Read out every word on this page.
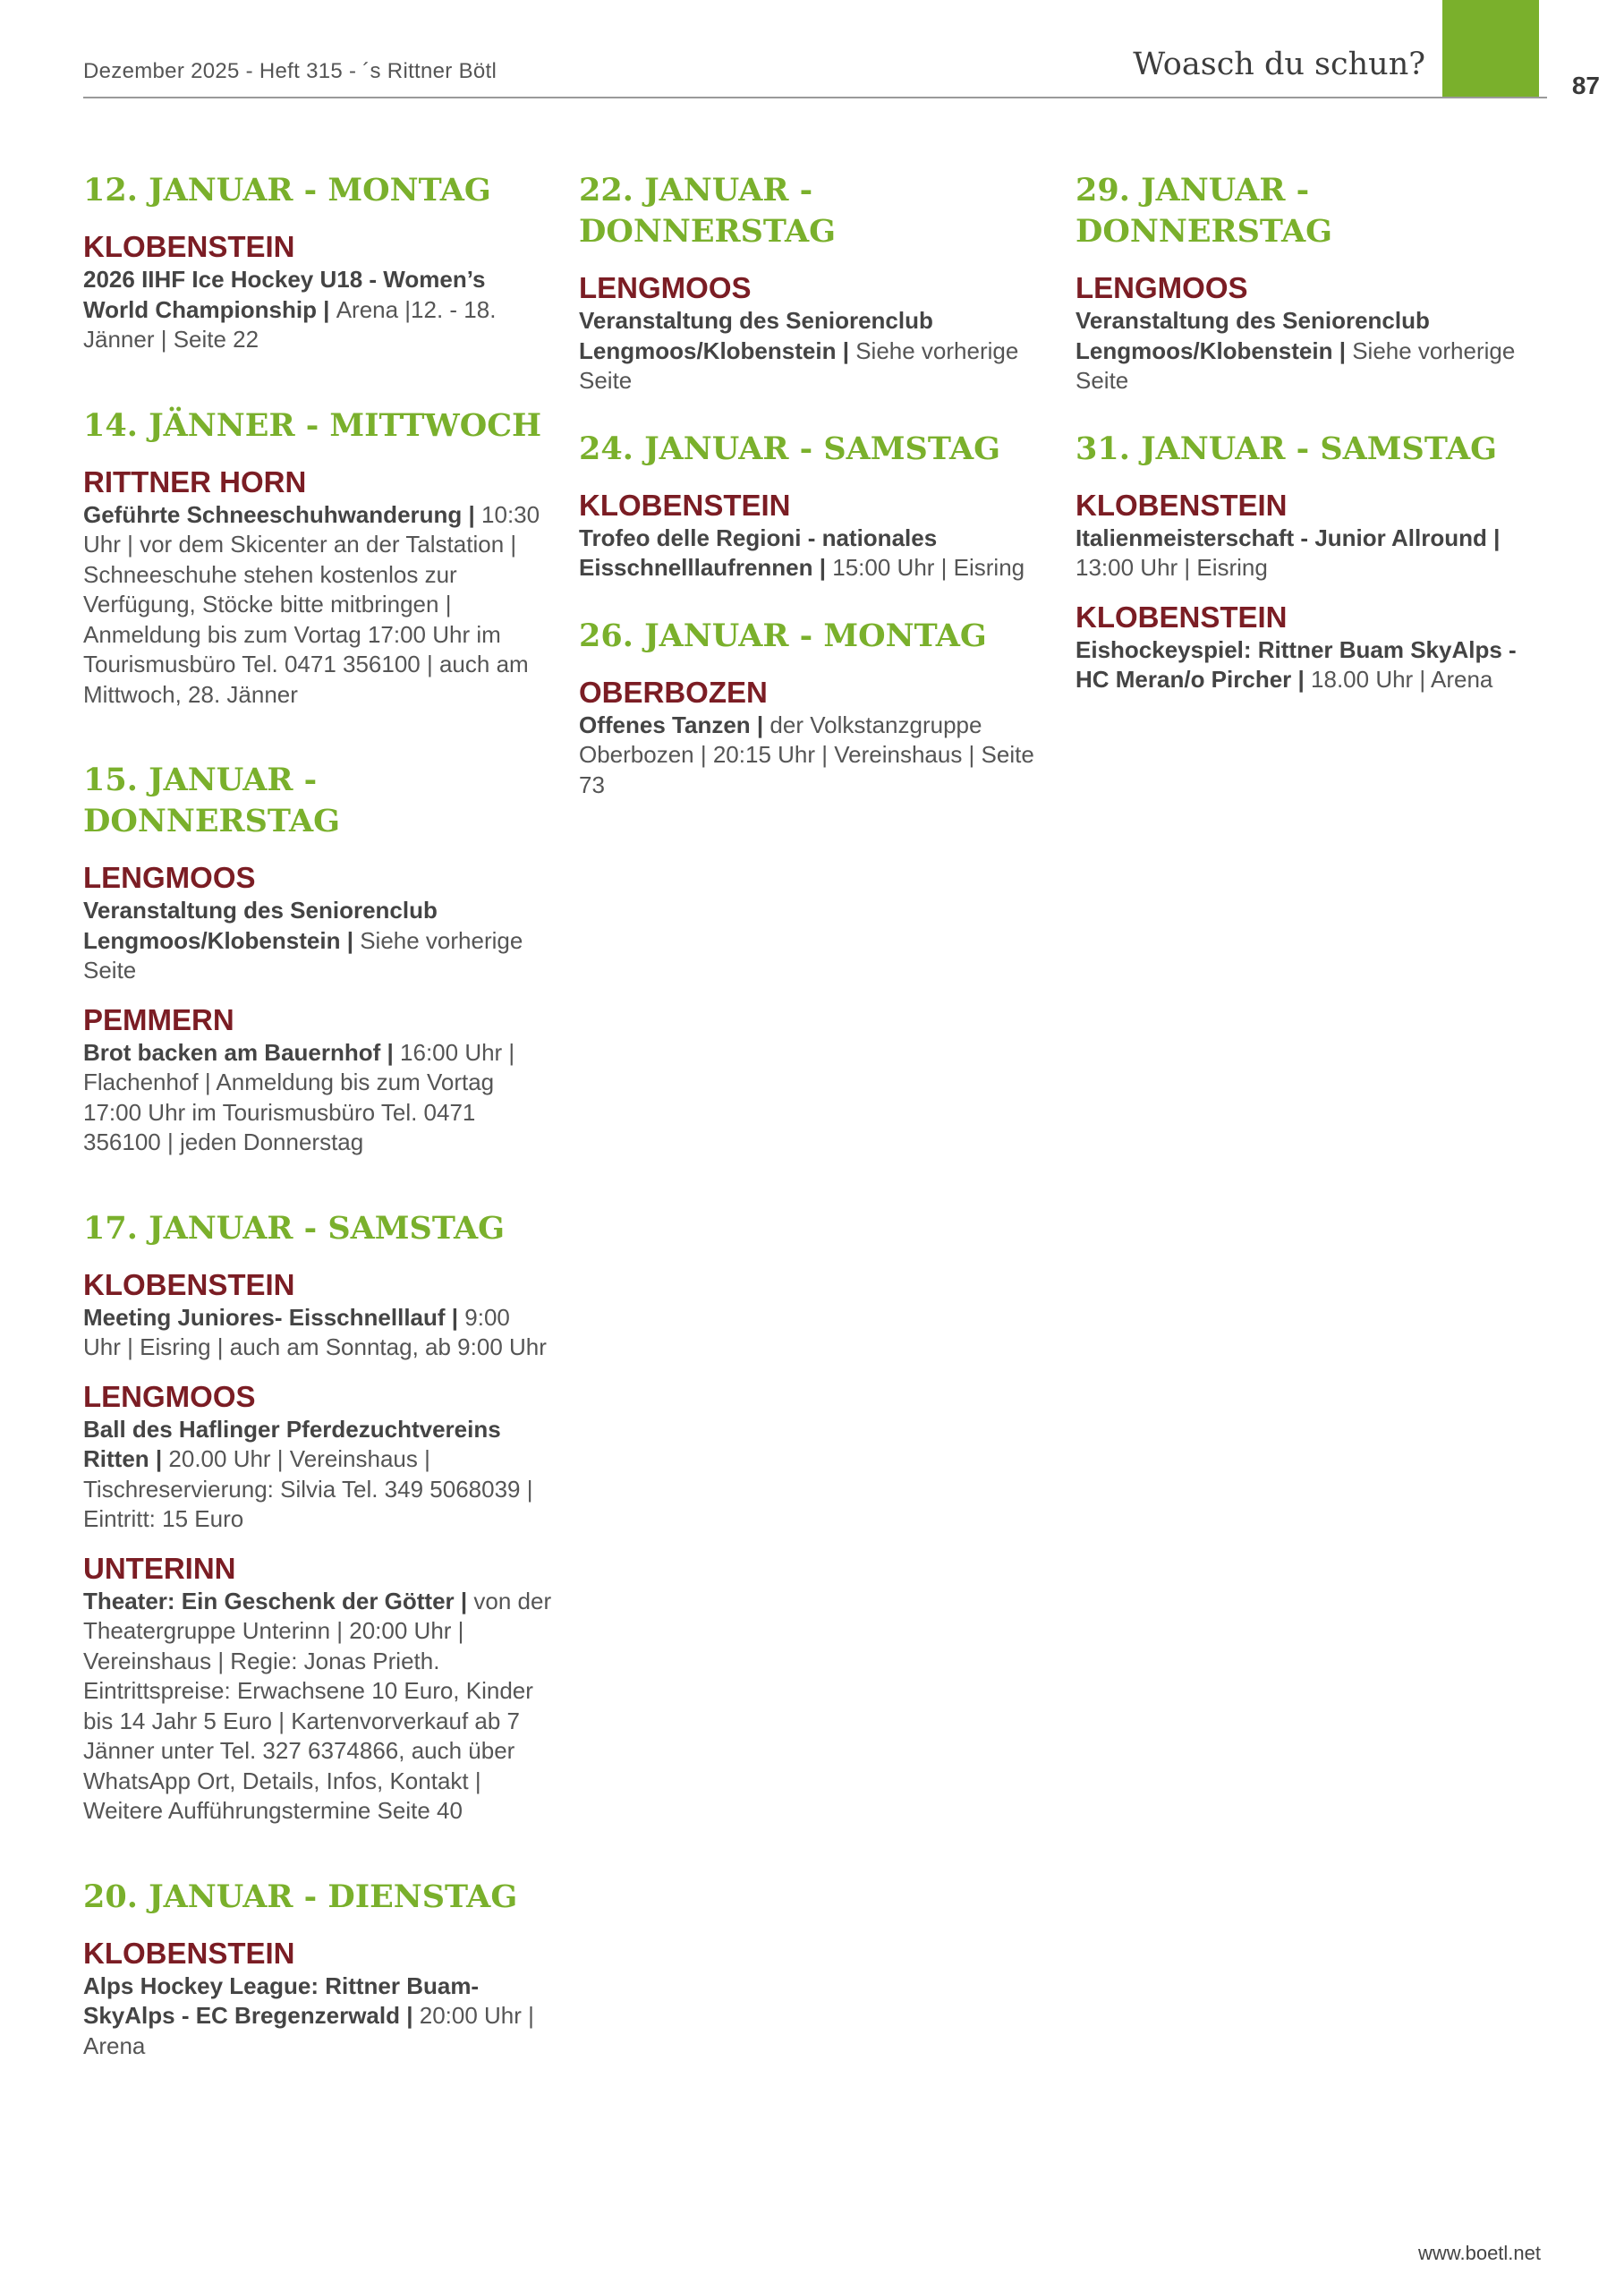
Dezember 2025 - Heft 315 - ´s Rittner Bötl	Woasch du schun?
87
12. JANUAR - MONTAG
KLOBENSTEIN
2026 IIHF Ice Hockey U18 - Women’s World Championship | Arena |12. - 18. Jänner | Seite 22
14. JÄNNER - MITTWOCH
RITTNER HORN
Geführte Schneeschuhwanderung | 10:30 Uhr | vor dem Skicenter an der Talstation | Schneeschuhe stehen kostenlos zur Verfügung, Stöcke bitte mitbringen | Anmeldung bis zum Vortag 17:00 Uhr im Tourismusbüro Tel. 0471 356100 | auch am Mittwoch, 28. Jänner
15. JANUAR - DONNERSTAG
LENGMOOS
Veranstaltung des Seniorenclub Lengmoos/Klobenstein | Siehe vorherige Seite
PEMMERN
Brot backen am Bauernhof | 16:00 Uhr | Flachenhof | Anmeldung bis zum Vortag 17:00 Uhr im Tourismusbüro Tel. 0471 356100 | jeden Donnerstag
17. JANUAR - SAMSTAG
KLOBENSTEIN
Meeting Juniores- Eisschnelllauf | 9:00 Uhr | Eisring | auch am Sonntag, ab 9:00 Uhr
LENGMOOS
Ball des Haflinger Pferdezuchtvereins Ritten | 20.00 Uhr | Vereinshaus | Tischreservierung: Silvia Tel. 349 5068039 | Eintritt: 15 Euro
UNTERINN
Theater: Ein Geschenk der Götter | von der Theatergruppe Unterinn | 20:00 Uhr | Vereinshaus | Regie: Jonas Prieth. Eintrittspreise: Erwachsene 10 Euro, Kinder bis 14 Jahr 5 Euro | Kartenvorverkauf ab 7 Jänner unter Tel. 327 6374866, auch über WhatsApp Ort, Details, Infos, Kontakt | Weitere Aufführungstermine Seite 40
20. JANUAR - DIENSTAG
KLOBENSTEIN
Alps Hockey League: Rittner Buam-SkyAlps - EC Bregenzerwald | 20:00 Uhr | Arena
22. JANUAR - DONNERSTAG
LENGMOOS
Veranstaltung des Seniorenclub Lengmoos/Klobenstein | Siehe vorherige Seite
24. JANUAR - SAMSTAG
KLOBENSTEIN
Trofeo delle Regioni - nationales Eisschnelllaufrennen | 15:00 Uhr | Eisring
26. JANUAR - MONTAG
OBERBOZEN
Offenes Tanzen | der Volkstanzgruppe Oberbozen | 20:15 Uhr | Vereinshaus | Seite 73
29. JANUAR - DONNERSTAG
LENGMOOS
Veranstaltung des Seniorenclub Lengmoos/Klobenstein | Siehe vorherige Seite
31. JANUAR - SAMSTAG
KLOBENSTEIN
Italienmeisterschaft - Junior Allround | 13:00 Uhr | Eisring
KLOBENSTEIN
Eishockeyspiel: Rittner Buam SkyAlps - HC Meran/o Pircher | 18.00 Uhr | Arena
www.boetl.net
